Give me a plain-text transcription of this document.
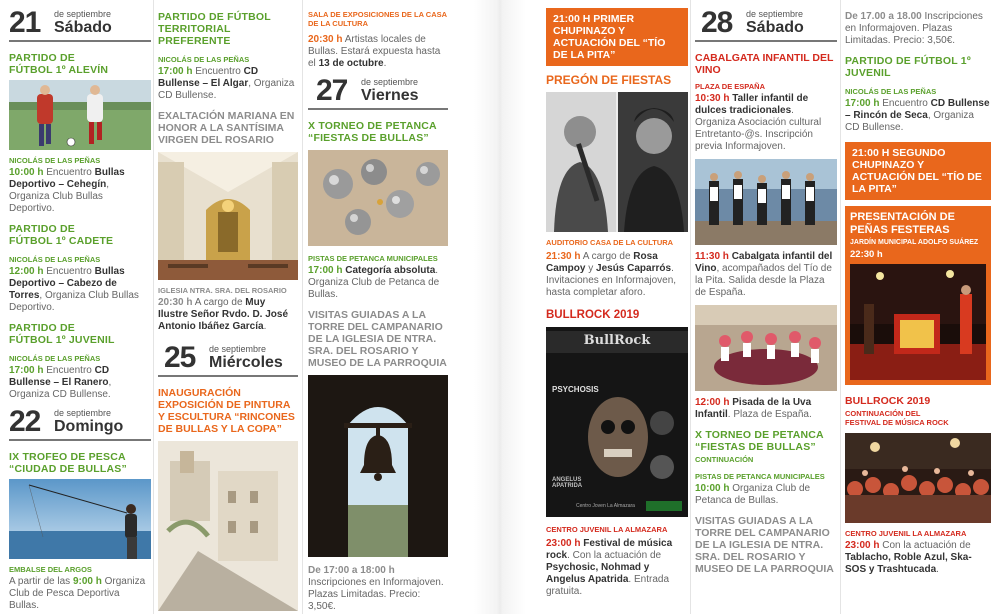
21 de septiembre
Sábado
PARTIDO DE FÚTBOL 1º ALEVÍN
NICOLÁS DE LAS PEÑAS
10:00 h Encuentro Bullas Deportivo – Cehegín, Organiza Club Bullas Deportivo.
PARTIDO DE FÚTBOL 1º CADETE
NICOLÁS DE LAS PEÑAS
12:00 h Encuentro Bullas Deportivo – Cabezo de Torres, Organiza Club Bullas Deportivo.
PARTIDO DE FÚTBOL 1º JUVENIL
NICOLÁS DE LAS PEÑAS
17:00 h Encuentro CD Bullense – El Ranero, Organiza CD Bullense.
22 de septiembre
Domingo
IX TROFEO DE PESCA “CIUDAD DE BULLAS”
EMBALSE DEL ARGOS
A partir de las 9:00 h Organiza Club de Pesca Deportiva Bullas.
PARTIDO DE FÚTBOL TERRITORIAL PREFERENTE
NICOLÁS DE LAS PEÑAS
17:00 h Encuentro CD Bullense – El Algar, Organiza CD Bullense.
EXALTACIÓN MARIANA EN HONOR A LA SANTÍSIMA VIRGEN DEL ROSARIO
IGLESIA NTRA. SRA. DEL ROSARIO
20:30 h A cargo de Muy Ilustre Señor Rvdo. D. José Antonio Ibáñez García.
25 de septiembre
Miércoles
INAUGURACIÓN EXPOSICIÓN DE PINTURA Y ESCULTURA “RINCONES DE BULLAS Y LA COPA”
SALA DE EXPOSICIONES DE LA CASA DE LA CULTURA
20:30 h Artistas locales de Bullas. Estará expuesta hasta el 13 de octubre.
27 de septiembre
Viernes
X TORNEO DE PETANCA “FIESTAS DE BULLAS”
PISTAS DE PETANCA MUNICIPALES
17:00 h Categoría absoluta. Organiza Club de Petanca de Bullas.
VISITAS GUIADAS A LA TORRE DEL CAMPANARIO DE LA IGLESIA DE NTRA. SRA. DEL ROSARIO Y MUSEO DE LA PARROQUIA
De 17:00 a 18:00 h
Inscripciones en Informajoven. Plazas Limitadas. Precio: 3,50€.
21:00 H PRIMER CHUPINAZO Y ACTUACIÓN DEL “TÍO DE LA PITA”
PREGÓN DE FIESTAS
AUDITORIO CASA DE LA CULTURA
21:30 h A cargo de Rosa Campoy y Jesús Caparrós. Invitaciones en Informajoven, hasta completar aforo.
BULLROCK 2019
BullRock
PSYCHOSIS
ANGELUS APATRIDA
Centro Joven La Almazara
CENTRO JUVENIL LA ALMAZARA
23:00 h Festival de música rock. Con la actuación de Psychosic, Nohmad y Angelus Apatrida. Entrada gratuita.
28 de septiembre
Sábado
CABALGATA INFANTIL DEL VINO
PLAZA DE ESPAÑA
10:30 h Taller infantil de dulces tradicionales. Organiza Asociación cultural Entretanto-@s. Inscripción previa Informajoven.
11:30 h Cabalgata infantil del Vino, acompañados del Tío de la Pita. Salida desde la Plaza de España.
12:00 h Pisada de la Uva Infantil. Plaza de España.
X TORNEO DE PETANCA “FIESTAS DE BULLAS”
CONTINUACIÓN
PISTAS DE PETANCA MUNICIPALES
10:00 h Organiza Club de Petanca de Bullas.
VISITAS GUIADAS A LA TORRE DEL CAMPANARIO DE LA IGLESIA DE NTRA. SRA. DEL ROSARIO Y MUSEO DE LA PARROQUIA
De 17.00 a 18.00 Inscripciones en Informajoven. Plazas Limitadas. Precio: 3,50€.
PARTIDO DE FÚTBOL 1º JUVENIL
NICOLÁS DE LAS PEÑAS
17:00 h Encuentro CD Bullense – Rincón de Seca, Organiza CD Bullense.
21:00 H SEGUNDO CHUPINAZO Y ACTUACIÓN DEL “TÍO DE LA PITA”
PRESENTACIÓN DE PEÑAS FESTERAS
JARDÍN MUNICIPAL ADOLFO SUÁREZ
22:30 h
BULLROCK 2019
CONTINUACIÓN DEL FESTIVAL DE MÚSICA ROCK
CENTRO JUVENIL LA ALMAZARA
23:00 h Con la actuación de Tablacho, Roble Azul, Ska-SOS y Trashtucada.
